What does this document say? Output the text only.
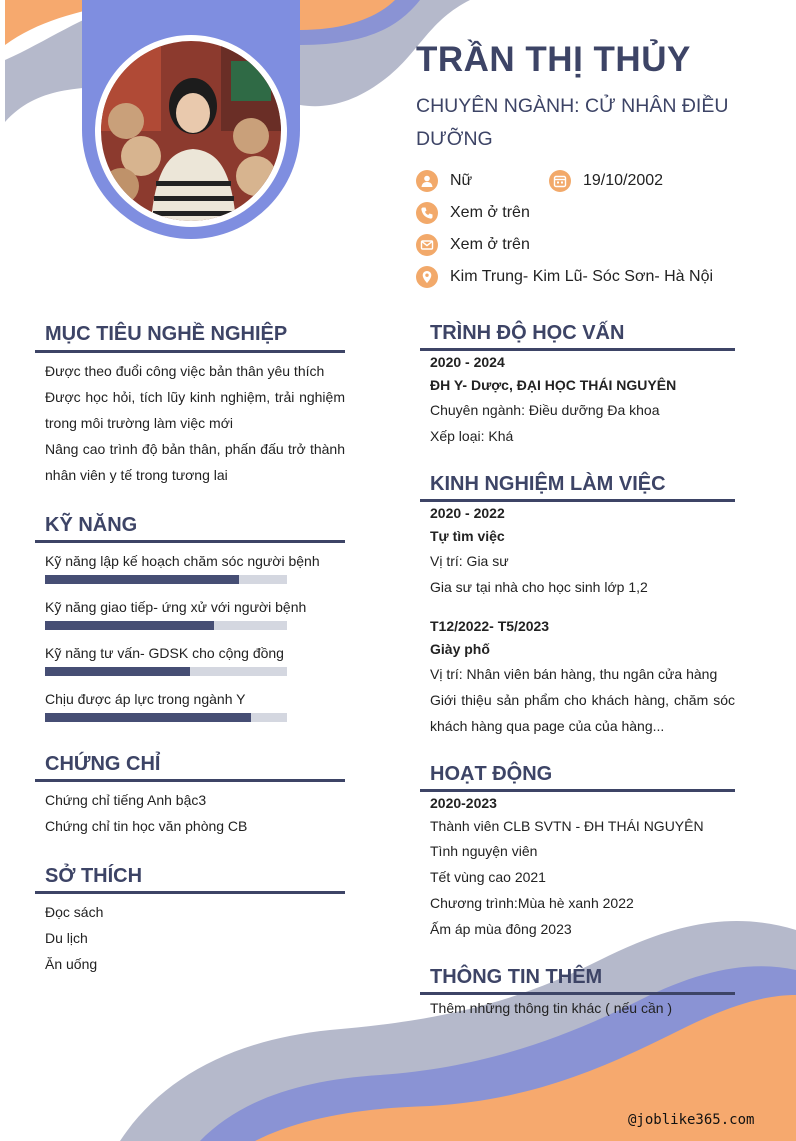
TRẦN THỊ THỦY
CHUYÊN NGÀNH: CỬ NHÂN ĐIỀU DƯỠNG
Nữ	19/10/2002
Xem ở trên
Xem ở trên
Kim Trung- Kim Lũ- Sóc Sơn- Hà Nội
MỤC TIÊU NGHỀ NGHIỆP
Được theo đuổi công việc bản thân yêu thích
Được học hỏi, tích lũy kinh nghiệm, trải nghiệm trong môi trường làm việc mới
Nâng cao trình độ bản thân, phấn đấu trở thành nhân viên y tế trong tương lai
KỸ NĂNG
Kỹ năng lập kế hoạch chăm sóc người bệnh
Kỹ năng giao tiếp- ứng xử với người bệnh
Kỹ năng tư vấn- GDSK cho cộng đồng
Chịu được áp lực trong ngành Y
CHỨNG CHỈ
Chứng chỉ tiếng Anh bậc3
Chứng chỉ tin học văn phòng CB
SỞ THÍCH
Đọc sách
Du lịch
Ăn uống
TRÌNH ĐỘ HỌC VẤN
2020 - 2024
ĐH Y- Dược, ĐẠI HỌC THÁI NGUYÊN
Chuyên ngành: Điều dưỡng Đa khoa
Xếp loại: Khá
KINH NGHIỆM LÀM VIỆC
2020 - 2022
Tự tìm việc
Vị trí: Gia sư
Gia sư tại nhà cho học sinh lớp 1,2
T12/2022- T5/2023
Giày phố
Vị trí: Nhân viên bán hàng, thu ngân cửa hàng
Giới thiệu sản phẩm cho khách hàng, chăm sóc khách hàng qua page của của hàng...
HOẠT ĐỘNG
2020-2023
Thành viên CLB SVTN - ĐH THÁI NGUYÊN
Tình nguyện viên
Tết vùng cao 2021
Chương trình:Mùa hè xanh 2022
Ấm áp mùa đông 2023
THÔNG TIN THÊM
Thêm những thông tin khác ( nếu cần )
@joblike365.com
